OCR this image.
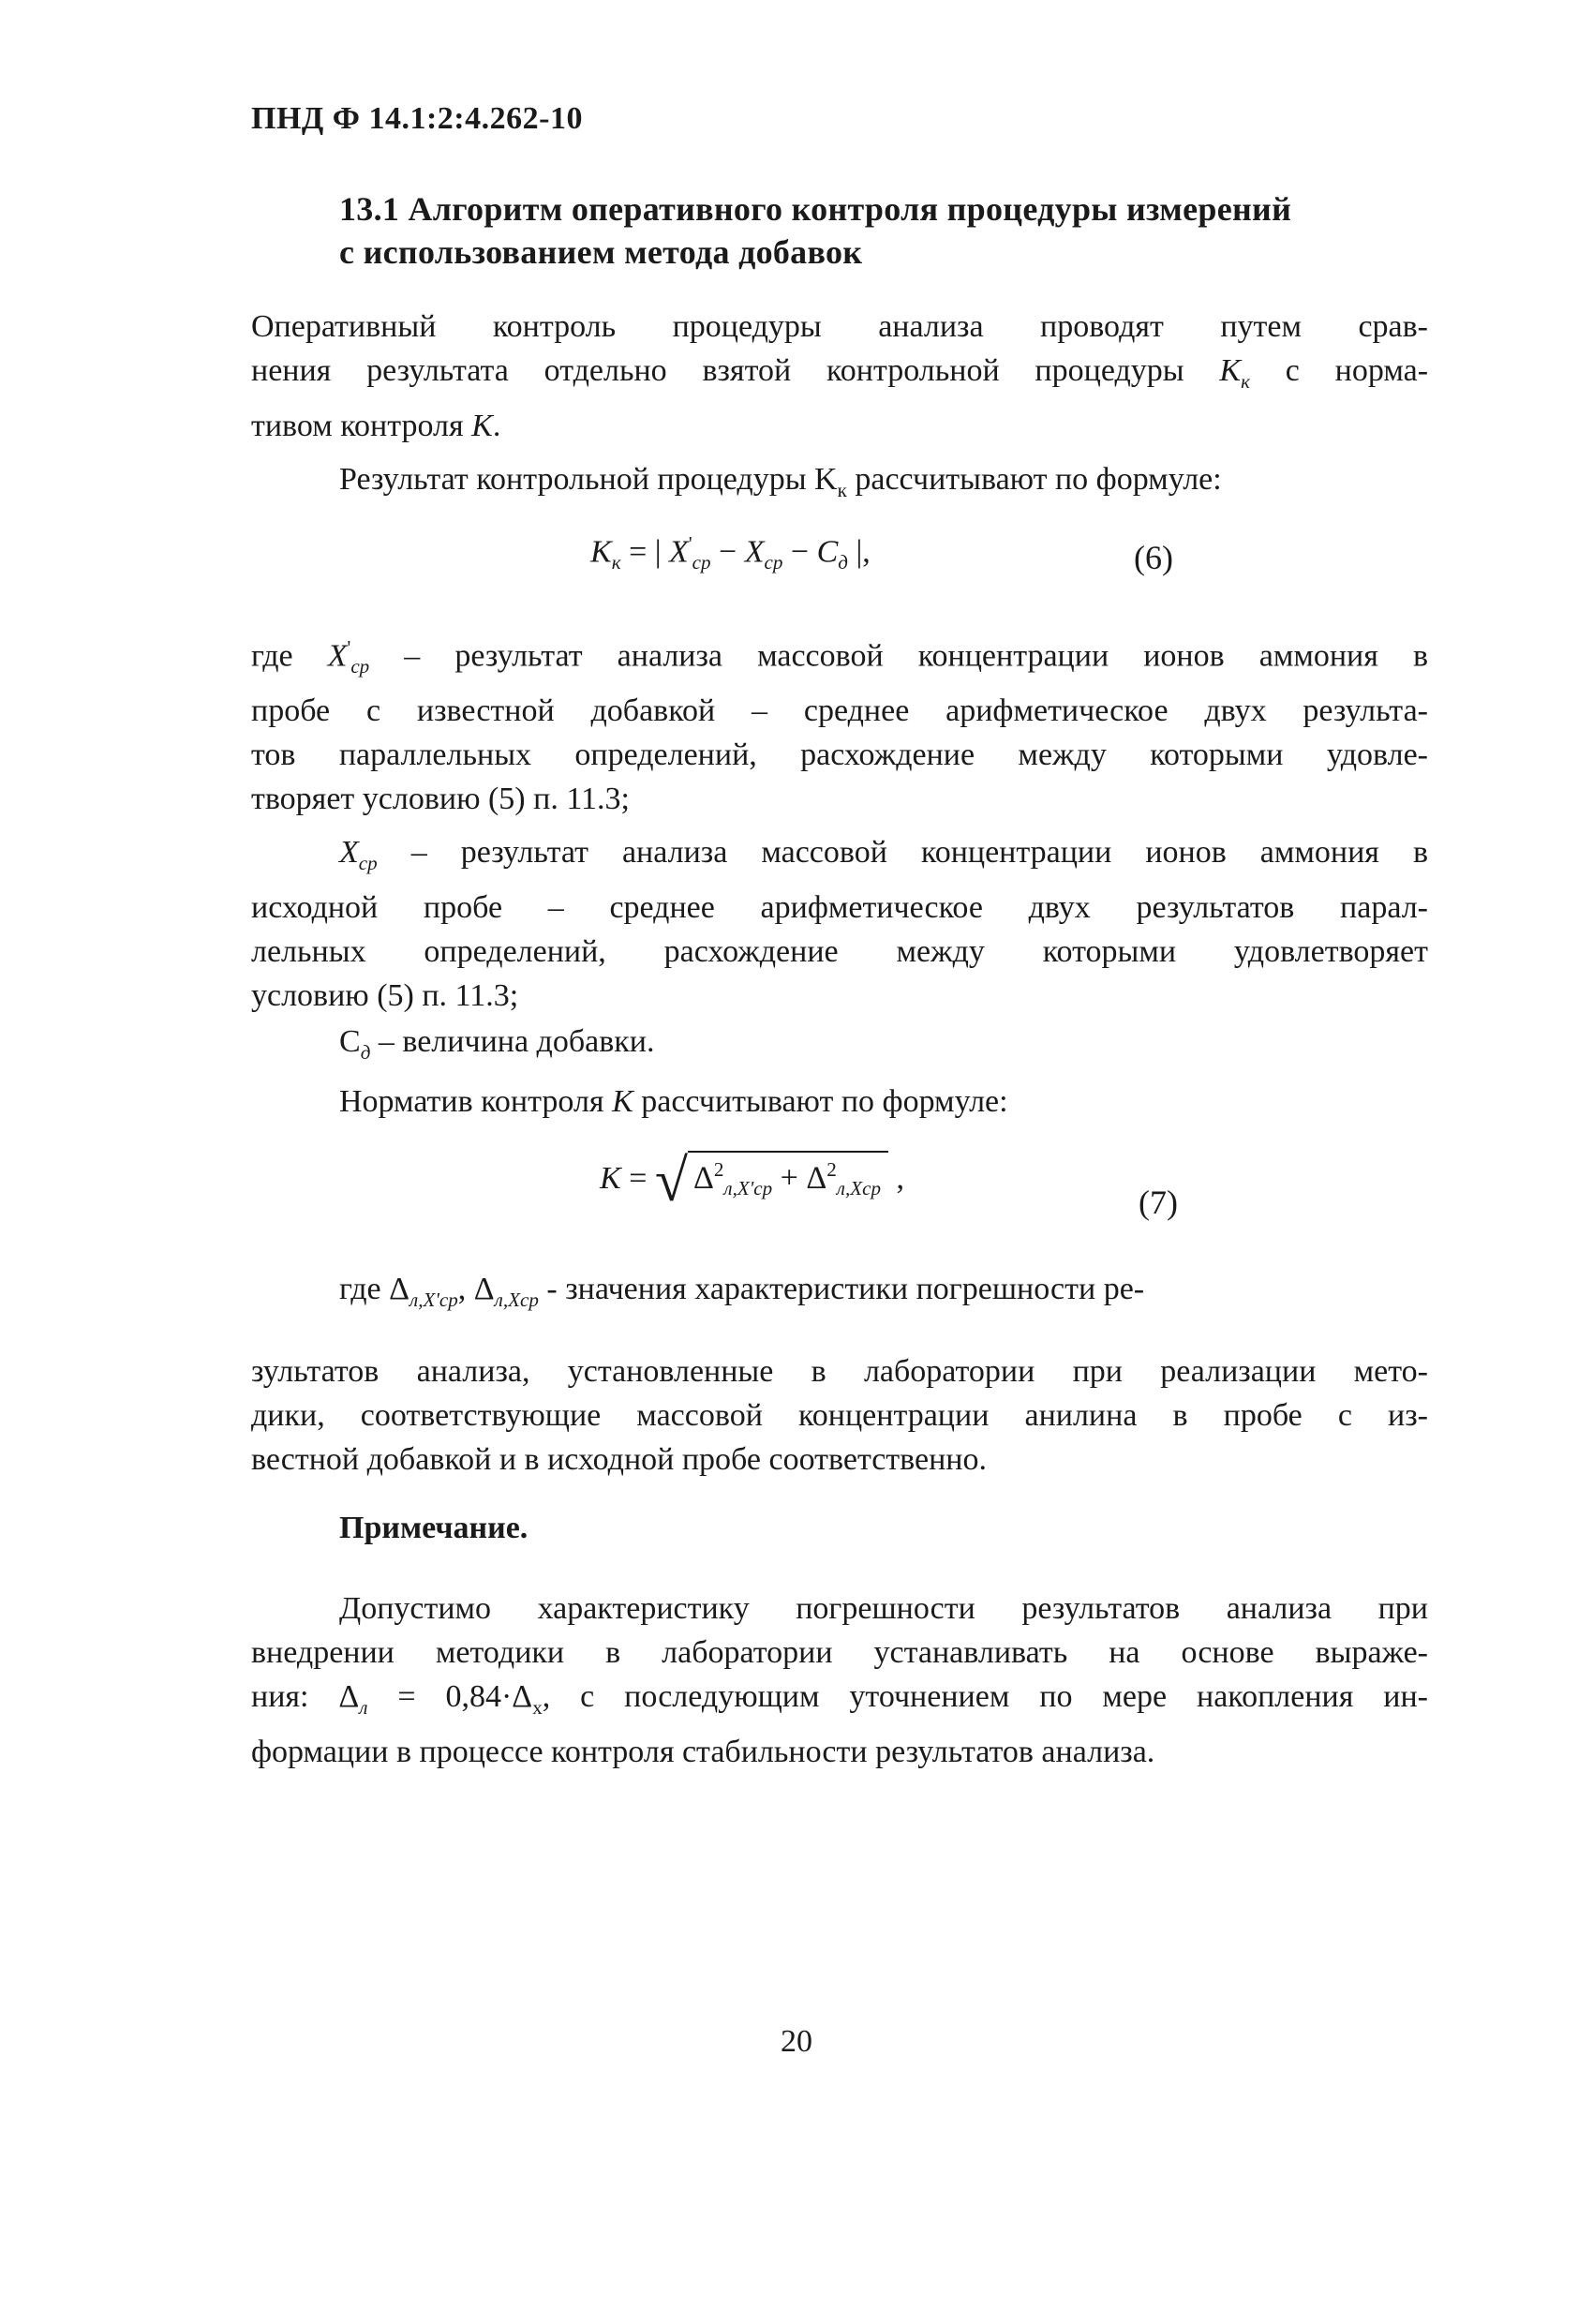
ПНД Ф 14.1:2:4.262-10
13.1 Алгоритм оперативного контроля процедуры измерений
с использованием метода добавок
Оперативный контроль процедуры анализа проводят путем срав-
нения результата отдельно взятой контрольной процедуры $K_к$ с норма-
тивом контроля K.
Результат контрольной процедуры $K_к$ рассчитывают по формуле:
$K_к$ = | $X'_{ср} - X_{ср} - C_д$ |,	(6)
где $X'_{ср}$ – результат анализа массовой концентрации ионов аммония в
пробе с известной добавкой – среднее арифметическое двух результа-
тов параллельных определений, расхождение между которыми удовле-
творяет условию (5) п. 11.3;
$X_{ср}$ – результат анализа массовой концентрации ионов аммония в
исходной пробе – среднее арифметическое двух результатов парал-
лельных определений, расхождение между которыми удовлетворяет
условию (5) п. 11.3;
$C_д$ – величина добавки.
Норматив контроля K рассчитывают по формуле:
K = √ $\Delta^2_{л,X'ср} + \Delta^2_{л,Xср}$ ,
(7)
где $\Delta_{л,X'ср}$, $\Delta_{л,Xср}$ - значения характеристики погрешности ре-
зультатов анализа, установленные в лаборатории при реализации мето-
дики, соответствующие массовой концентрации анилина в пробе с из-
вестной добавкой и в исходной пробе соответственно.
Примечание.
Допустимо характеристику погрешности результатов анализа при
внедрении методики в лаборатории устанавливать на основе выраже-
ния: $\Delta_л = 0,84\cdot\Delta_х$, с последующим уточнением по мере накопления ин-
формации в процессе контроля стабильности результатов анализа.
20
